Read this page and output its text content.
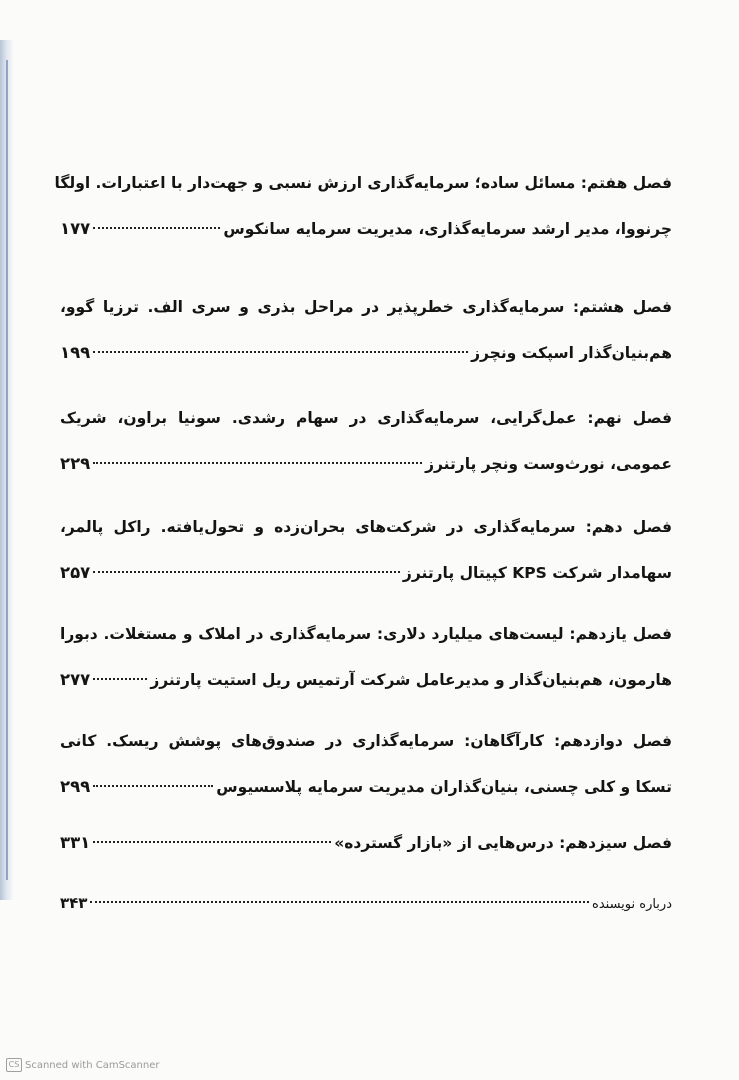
فصل هفتم: مسائل ساده؛ سرمایه‌گذاری ارزش نسبی و جهت‌دار با اعتبارات. اولگا
چرنووا، مدیر ارشد سرمایه‌گذاری، مدیریت سرمایه سانکوس
۱۷۷
فصل هشتم: سرمایه‌گذاری خطرپذیر در مراحل بذری و سری الف. ترزیا گوو،
هم‌بنیان‌گذار اسپکت ونچرز
۱۹۹
فصل نهم: عمل‌گرایی، سرمایه‌گذاری در سهام رشدی. سونیا براون، شریک
عمومی، نورث‌وست ونچر پارتنرز
۲۲۹
فصل دهم: سرمایه‌گذاری در شرکت‌های بحران‌زده و تحول‌یافته. راکل پالمر،
سهامدار شرکت KPS کپیتال پارتنرز
۲۵۷
فصل یازدهم: لیست‌های میلیارد دلاری: سرمایه‌گذاری در املاک و مستغلات. دبورا
هارمون، هم‌بنیان‌گذار و مدیرعامل شرکت آرتمیس ریل استیت پارتنرز
۲۷۷
فصل دوازدهم: کارآگاهان: سرمایه‌گذاری در صندوق‌های پوشش ریسک. کانی
تسکا و کلی چسنی، بنیان‌گذاران مدیریت سرمایه پلاسسیوس
۲۹۹
فصل سیزدهم: درس‌هایی از «بازار گسترده»
۳۳۱
درباره نویسنده
۳۴۳
CS Scanned with CamScanner
